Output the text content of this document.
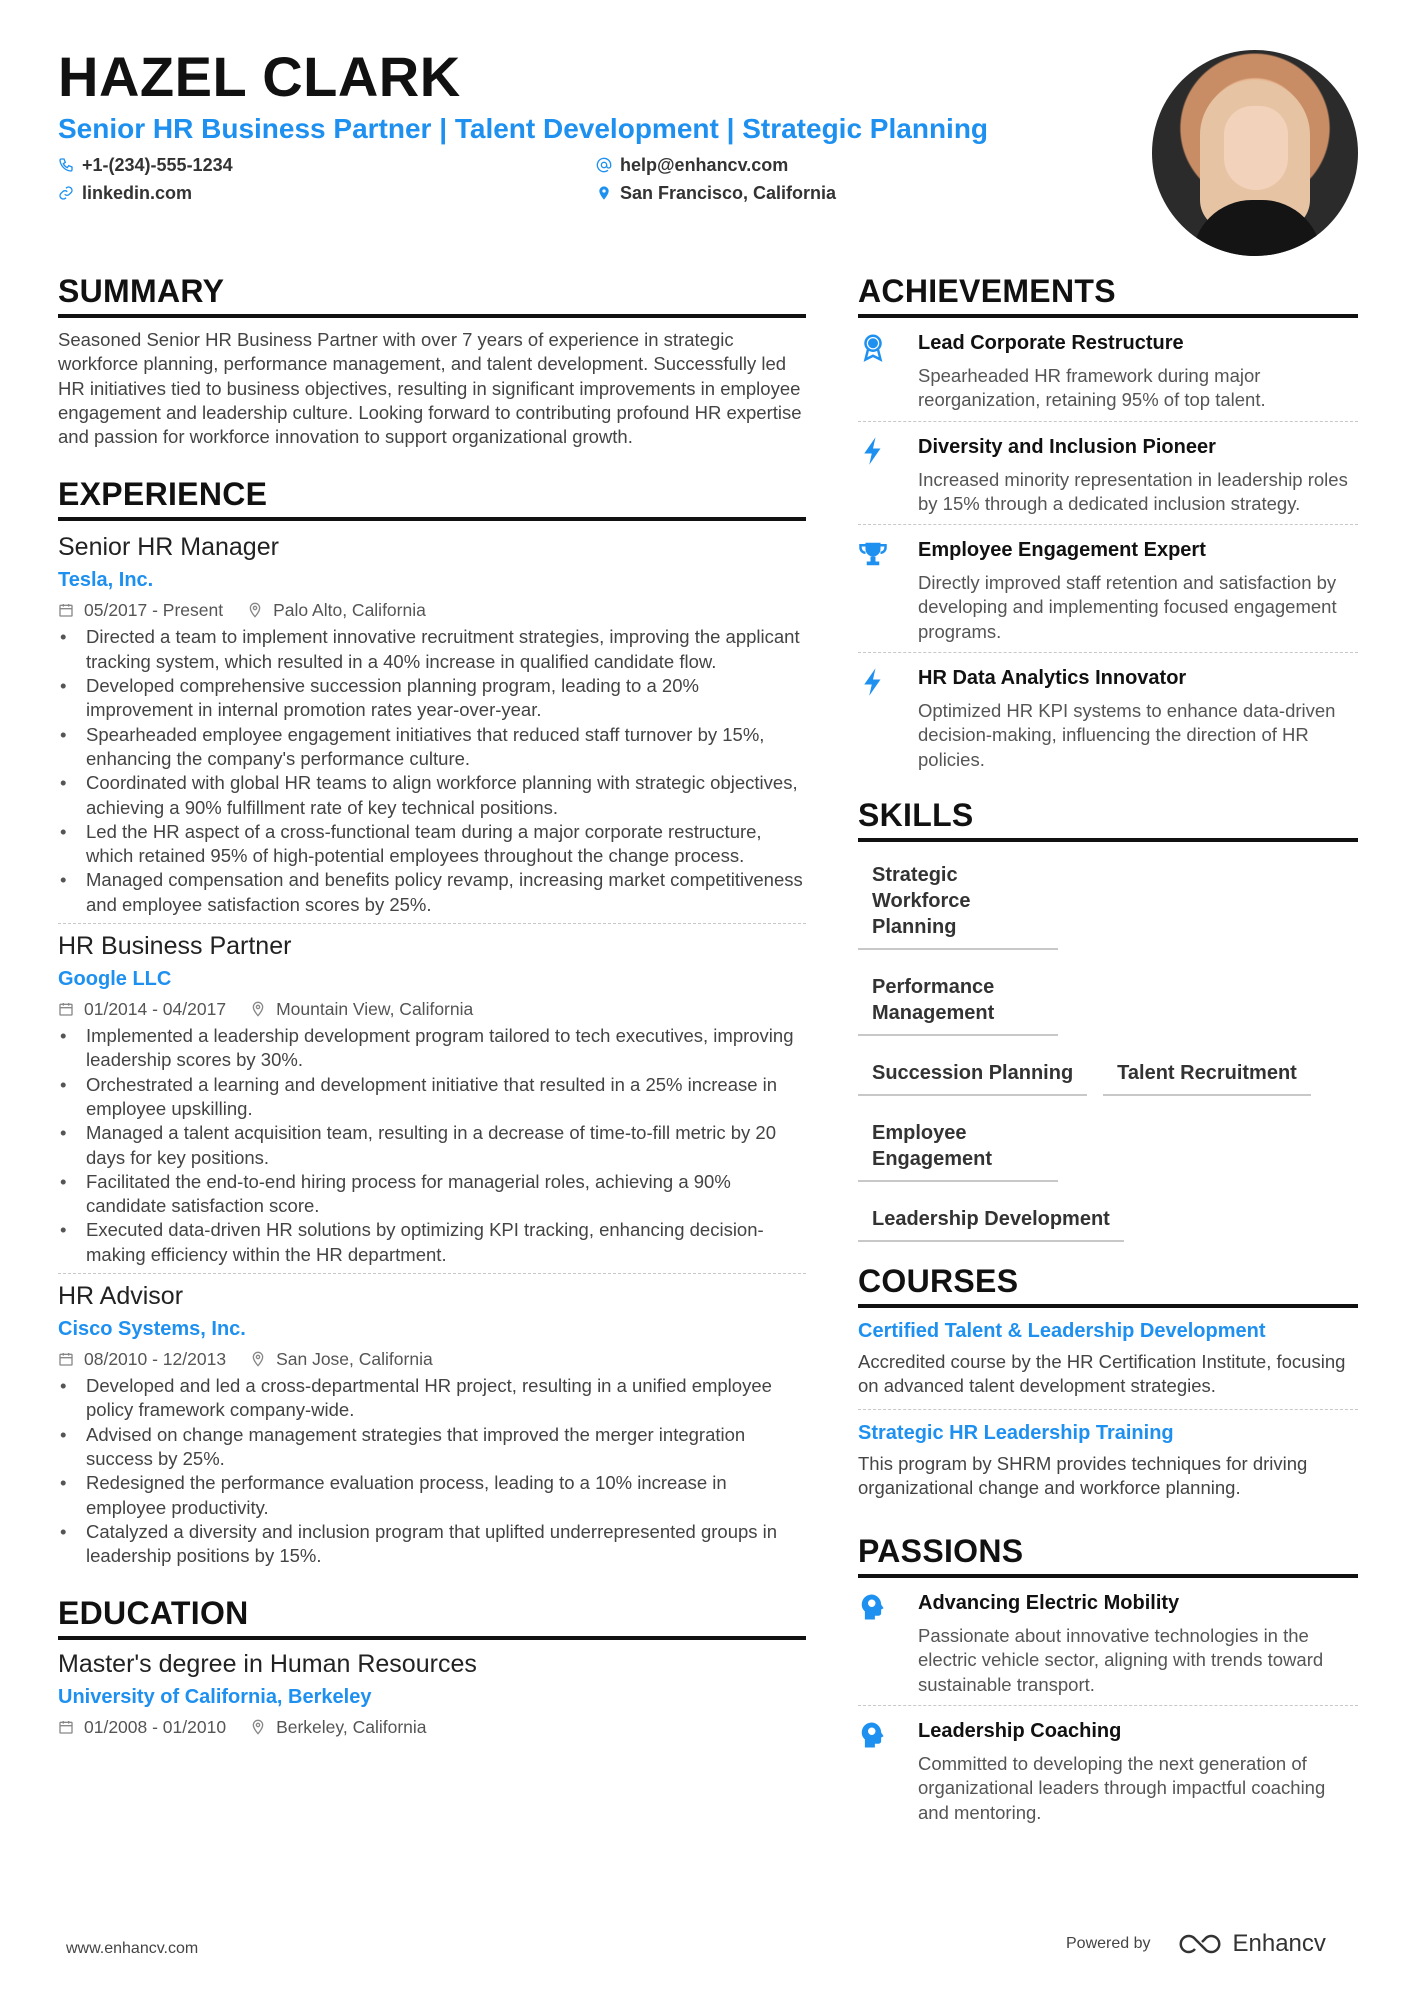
HAZEL CLARK
Senior HR Business Partner | Talent Development | Strategic Planning
+1-(234)-555-1234	help@enhancv.com
linkedin.com	San Francisco, California
SUMMARY

Seasoned Senior HR Business Partner with over 7 years of experience in strategic workforce planning, performance management, and talent development. Successfully led HR initiatives tied to business objectives, resulting in significant improvements in employee engagement and leadership culture. Looking forward to contributing profound HR expertise and passion for workforce innovation to support organizational growth.

EXPERIENCE
Senior HR Manager
Tesla, Inc.
05/2017 - Present	Palo Alto, California
• Directed a team to implement innovative recruitment strategies, improving the applicant tracking system, which resulted in a 40% increase in qualified candidate flow.
• Developed comprehensive succession planning program, leading to a 20% improvement in internal promotion rates year-over-year.
• Spearheaded employee engagement initiatives that reduced staff turnover by 15%, enhancing the company's performance culture.
• Coordinated with global HR teams to align workforce planning with strategic objectives, achieving a 90% fulfillment rate of key technical positions.
• Led the HR aspect of a cross-functional team during a major corporate restructure, which retained 95% of high-potential employees throughout the change process.
• Managed compensation and benefits policy revamp, increasing market competitiveness and employee satisfaction scores by 25%.
HR Business Partner
Google LLC
01/2014 - 04/2017	Mountain View, California
• Implemented a leadership development program tailored to tech executives, improving leadership scores by 30%.
• Orchestrated a learning and development initiative that resulted in a 25% increase in employee upskilling.
• Managed a talent acquisition team, resulting in a decrease of time-to-fill metric by 20 days for key positions.
• Facilitated the end-to-end hiring process for managerial roles, achieving a 90% candidate satisfaction score.
• Executed data-driven HR solutions by optimizing KPI tracking, enhancing decision-making efficiency within the HR department.
HR Advisor
Cisco Systems, Inc.
08/2010 - 12/2013	San Jose, California
• Developed and led a cross-departmental HR project, resulting in a unified employee policy framework company-wide.
• Advised on change management strategies that improved the merger integration success by 25%.
• Redesigned the performance evaluation process, leading to a 10% increase in employee productivity.
• Catalyzed a diversity and inclusion program that uplifted underrepresented groups in leadership positions by 15%.
EDUCATION
Master's degree in Human Resources
University of California, Berkeley
01/2008 - 01/2010	Berkeley, California
ACHIEVEMENTS
Lead Corporate Restructure
Spearheaded HR framework during major reorganization, retaining 95% of top talent.
Diversity and Inclusion Pioneer
Increased minority representation in leadership roles by 15% through a dedicated inclusion strategy.
Employee Engagement Expert
Directly improved staff retention and satisfaction by developing and implementing focused engagement programs.
HR Data Analytics Innovator
Optimized HR KPI systems to enhance data-driven decision-making, influencing the direction of HR policies.
SKILLS
Strategic Workforce Planning
Performance Management
Succession Planning	Talent Recruitment
Employee Engagement
Leadership Development
COURSES
Certified Talent & Leadership Development
Accredited course by the HR Certification Institute, focusing on advanced talent development strategies.
Strategic HR Leadership Training
This program by SHRM provides techniques for driving organizational change and workforce planning.
PASSIONS
Advancing Electric Mobility
Passionate about innovative technologies in the electric vehicle sector, aligning with trends toward sustainable transport.
Leadership Coaching
Committed to developing the next generation of organizational leaders through impactful coaching and mentoring.
www.enhancv.com	Powered by	Enhancv
